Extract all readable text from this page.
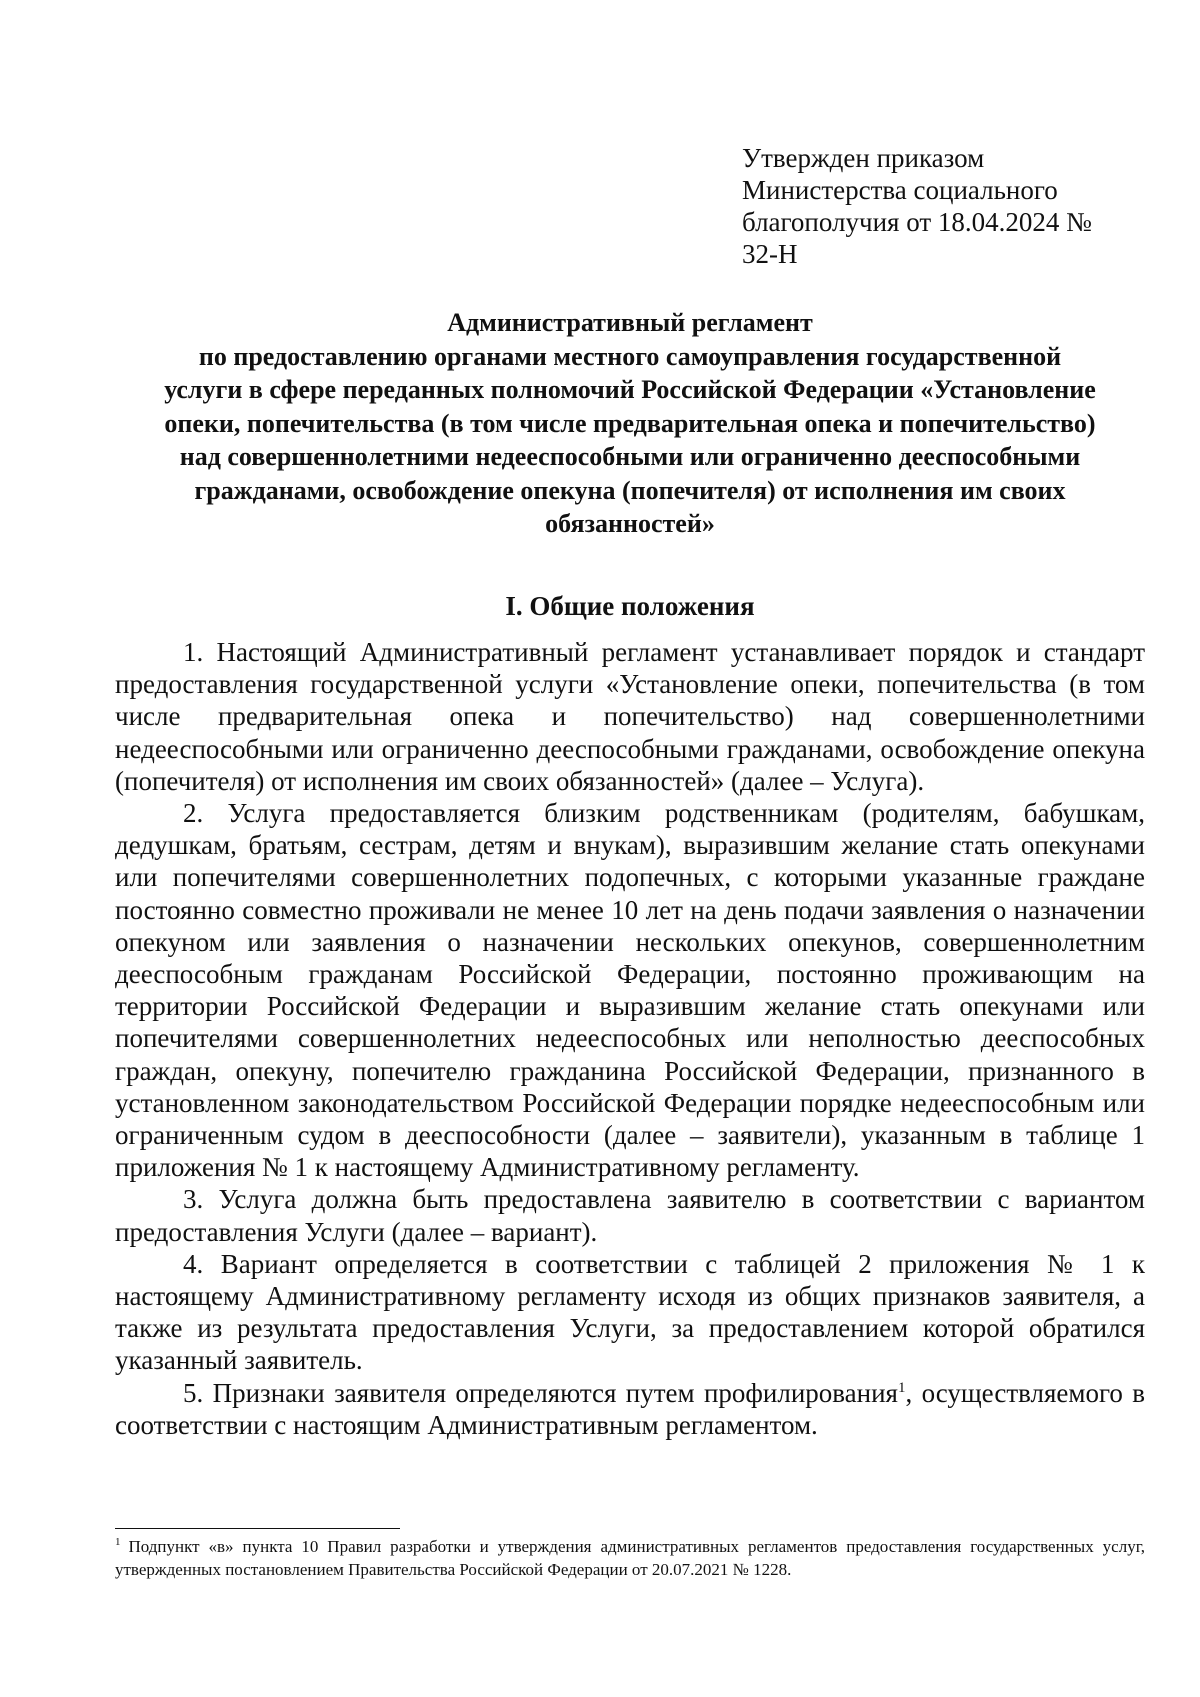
Утвержден приказом
Министерства социального
благополучия от 18.04.2024 №
32-Н
Административный регламент
по предоставлению органами местного самоуправления государственной
услуги в сфере переданных полномочий Российской Федерации «Установление
опеки, попечительства (в том числе предварительная опека и попечительство)
над совершеннолетними недееспособными или ограниченно дееспособными
гражданами, освобождение опекуна (попечителя) от исполнения им своих
обязанностей»
I. Общие положения

1. Настоящий Административный регламент устанавливает порядок и стандарт предоставления государственной услуги «Установление опеки, попечительства (в том числе предварительная опека и попечительство) над совершеннолетними недееспособными или ограниченно дееспособными гражданами, освобождение опекуна (попечителя) от исполнения им своих обязанностей» (далее – Услуга).

2. Услуга предоставляется близким родственникам (родителям, бабушкам, дедушкам, братьям, сестрам, детям и внукам), выразившим желание стать опекунами или попечителями совершеннолетних подопечных, с которыми указанные граждане постоянно совместно проживали не менее 10 лет на день подачи заявления о назначении опекуном или заявления о назначении нескольких опекунов, совершеннолетним дееспособным гражданам Российской Федерации, постоянно проживающим на территории Российской Федерации и выразившим желание стать опекунами или попечителями совершеннолетних недееспособных или неполностью дееспособных граждан, опекуну, попечителю гражданина Российской Федерации, признанного в установленном законодательством Российской Федерации порядке недееспособным или ограниченным судом в дееспособности (далее – заявители), указанным в таблице 1 приложения № 1 к настоящему Административному регламенту.

3. Услуга должна быть предоставлена заявителю в соответствии с вариантом предоставления Услуги (далее – вариант).

4. Вариант определяется в соответствии с таблицей 2 приложения № 1 к настоящему Административному регламенту исходя из общих признаков заявителя, а также из результата предоставления Услуги, за предоставлением которой обратился указанный заявитель.

5. Признаки заявителя определяются путем профилирования$^1$, осуществляемого в соответствии с настоящим Административным регламентом.

$^1$ Подпункт «в» пункта 10 Правил разработки и утверждения административных регламентов предоставления государственных услуг, утвержденных постановлением Правительства Российской Федерации от 20.07.2021 № 1228.
